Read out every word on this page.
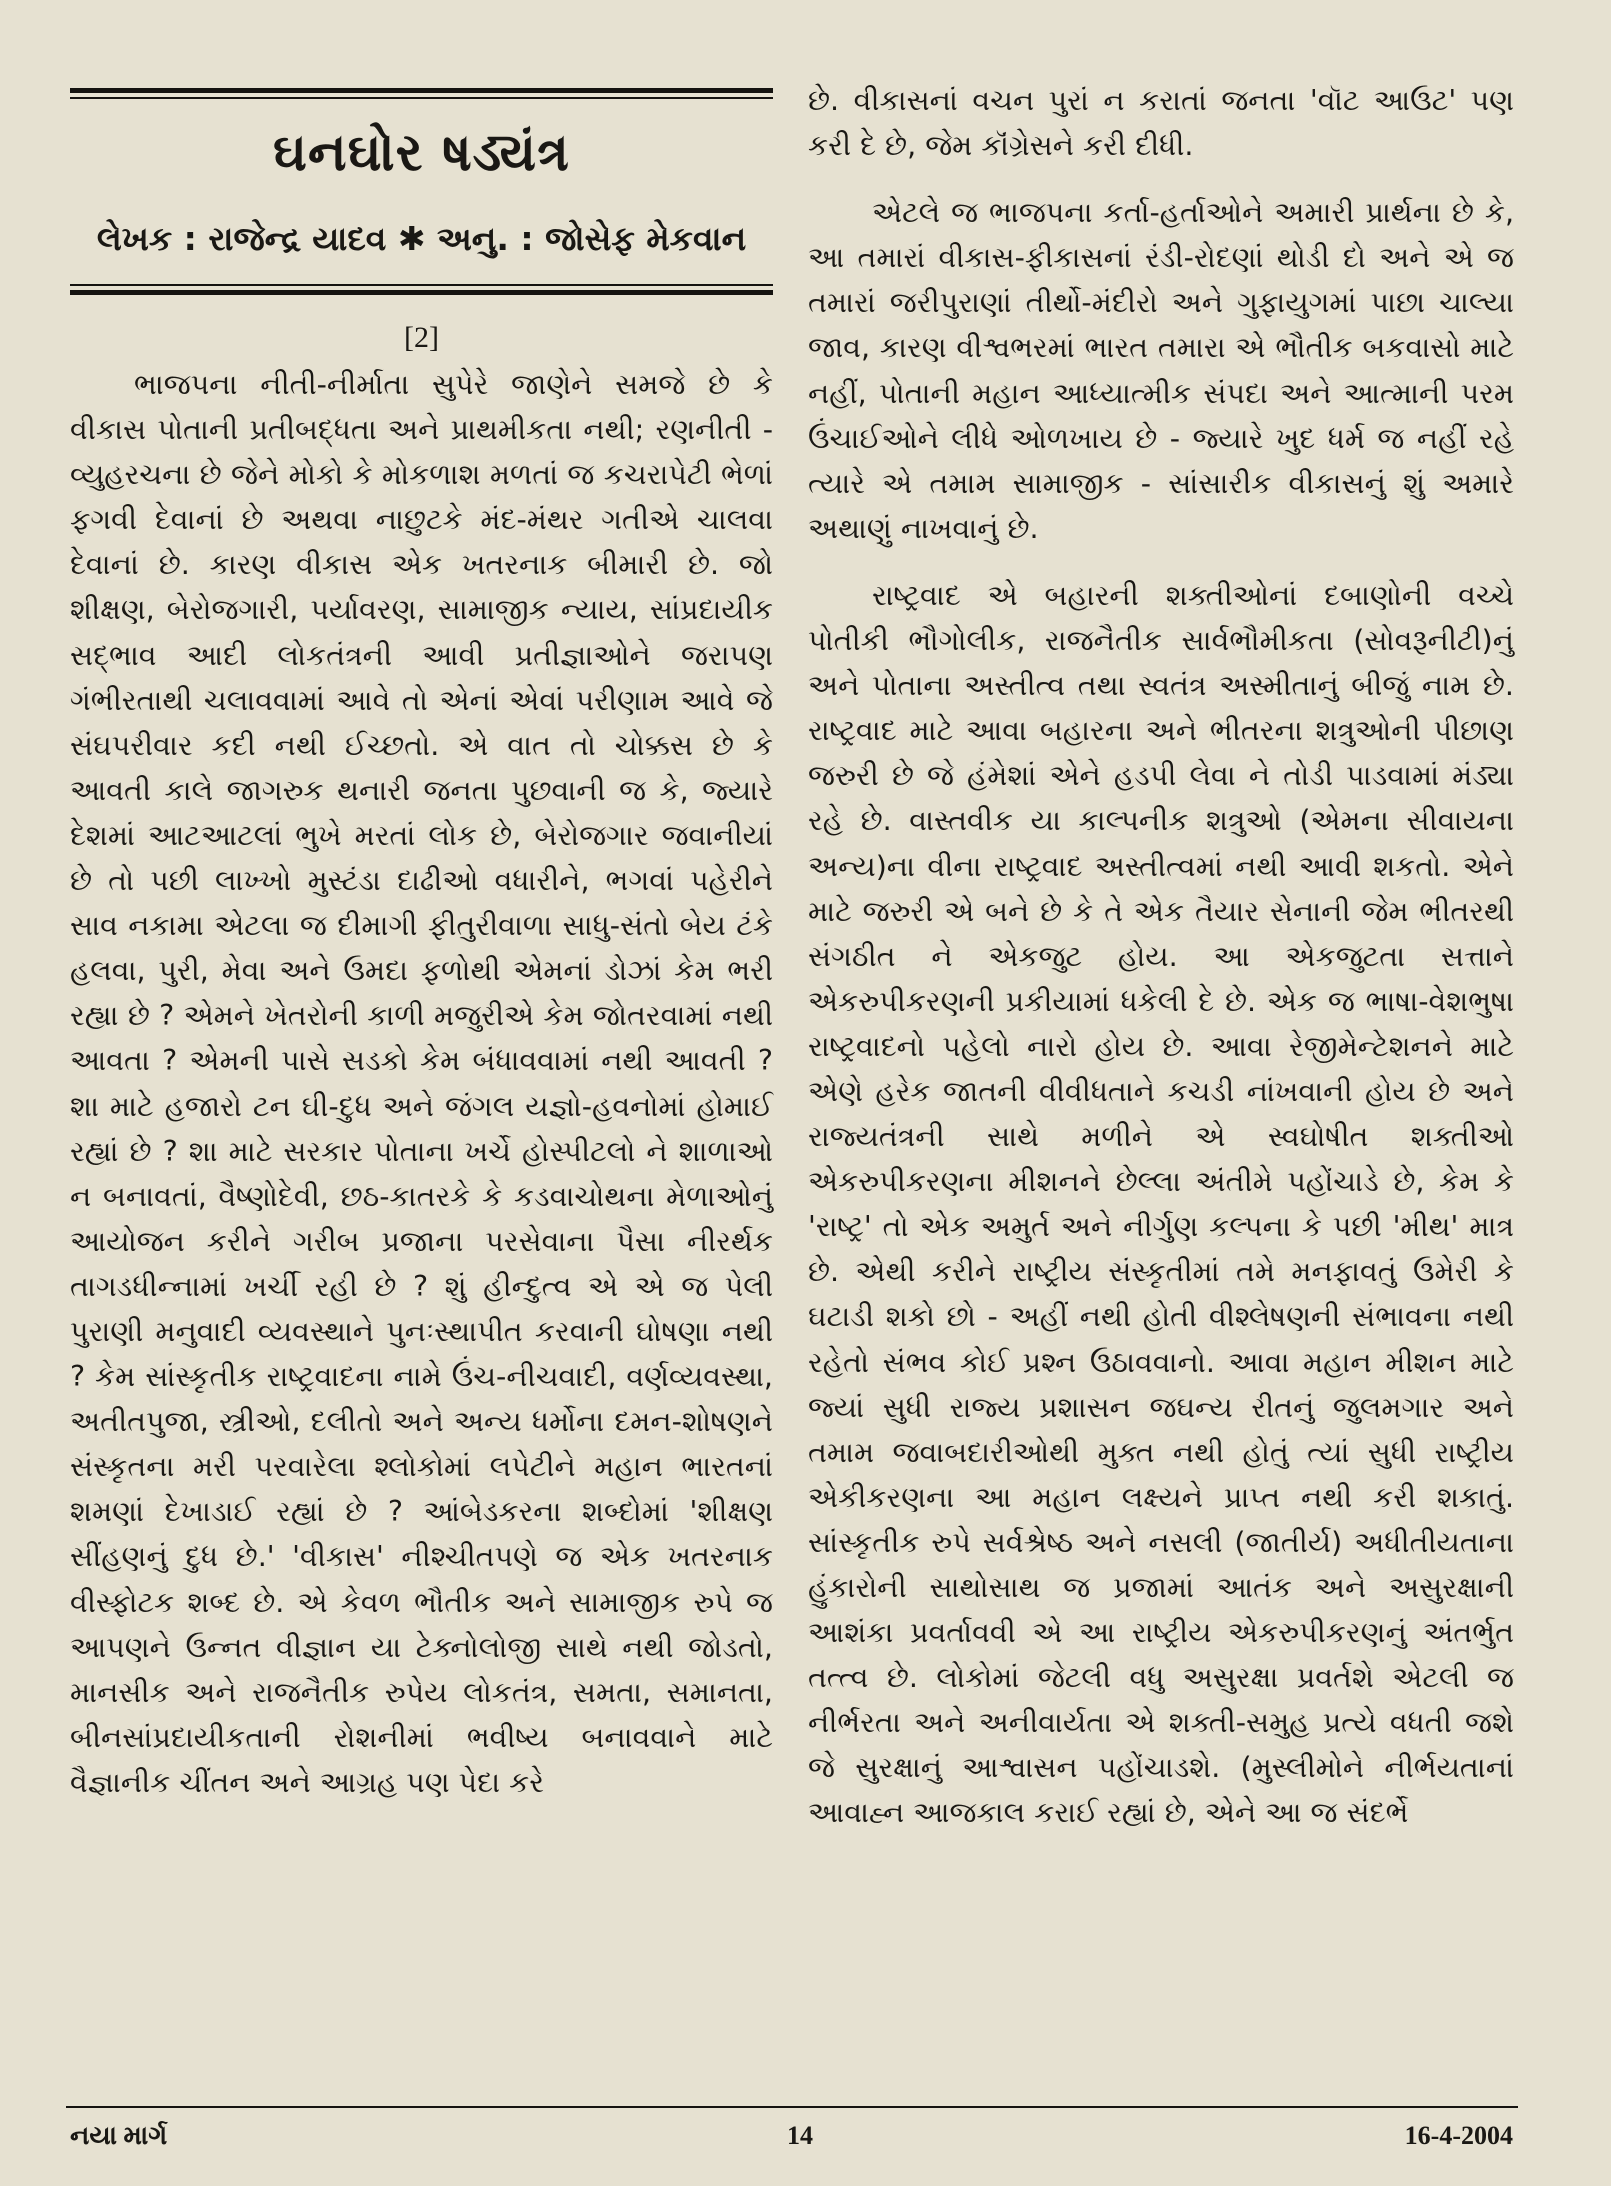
ઘનઘોર ષડ્યંત્ર
લેખક : રાજેન્દ્ર યાદવ ✱ અનુ. : જોસેફ મેકવાન
[2]

ભાજપના નીતી-નીર્માતા સુપેરે જાણેને સમજે છે કે વીકાસ પોતાની પ્રતીબદ્ધતા અને પ્રાથમીકતા નથી; રણનીતી - વ્યુહરચના છે જેને મોકો કે મોકળાશ મળતાં જ કચરાપેટી ભેળાં ફગવી દેવાનાં છે અથવા નાછુટકે મંદ-મંથર ગતીએ ચાલવા દેવાનાં છે. કારણ વીકાસ એક ખતરનાક બીમારી છે. જો શીક્ષણ, બેરોજગારી, પર્યાવરણ, સામાજીક ન્યાય, સાંપ્રદાયીક સદ્ભાવ આદી લોકતંત્રની આવી પ્રતીજ્ઞાઓને જરાપણ ગંભીરતાથી ચલાવવામાં આવે તો એનાં એવાં પરીણામ આવે જે સંઘપરીવાર કદી નથી ઈચ્છતો. એ વાત તો ચોક્કસ છે કે આવતી કાલે જાગરુક થનારી જનતા પુછવાની જ કે, જ્યારે દેશમાં આટઆટલાં ભુખે મરતાં લોક છે, બેરોજગાર જવાનીયાં છે તો પછી લાખ્ખો મુસ્ટંડા દાઢીઓ વધારીને, ભગવાં પહેરીને સાવ નકામા એટલા જ દીમાગી ફીતુરીવાળા સાધુ-સંતો બેય ટંકે હલવા, પુરી, મેવા અને ઉમદા ફળોથી એમનાં ડોઝાં કેમ ભરી રહ્યા છે ? એમને ખેતરોની કાળી મજુરીએ કેમ જોતરવામાં નથી આવતા ? એમની પાસે સડકો કેમ બંધાવવામાં નથી આવતી ? શા માટે હજારો ટન ઘી-દુધ અને જંગલ યજ્ઞો-હવનોમાં હોમાઈ રહ્યાં છે ? શા માટે સરકાર પોતાના ખર્ચે હોસ્પીટલો ને શાળાઓ ન બનાવતાં, વૈષ્ણોદેવી, છઠ-કાતરકે કે કડવાચોથના મેળાઓનું આયોજન કરીને ગરીબ પ્રજાના પરસેવાના પૈસા નીરર્થક તાગડધીન્નામાં ખર્ચી રહી છે ? શું હીન્દુત્વ એ એ જ પેલી પુરાણી મનુવાદી વ્યવસ્થાને પુનઃસ્થાપીત કરવાની ઘોષણા નથી ? કેમ સાંસ્કૃતીક રાષ્ટ્રવાદના નામે ઉંચ-નીચવાદી, વર્ણવ્યવસ્થા, અતીતપુજા, સ્ત્રીઓ, દલીતો અને અન્ય ધર્મોના દમન-શોષણને સંસ્કૃતના મરી પરવારેલા શ્લોકોમાં લપેટીને મહાન ભારતનાં શમણાં દેખાડાઈ રહ્યાં છે ? આંબેડકરના શબ્દોમાં 'શીક્ષણ સીંહણનું દુધ છે.' 'વીકાસ' નીશ્ચીતપણે જ એક ખતરનાક વીસ્ફોટક શબ્દ છે. એ કેવળ ભૌતીક અને સામાજીક રુપે જ આપણને ઉન્નત વીજ્ઞાન યા ટેક્નોલોજી સાથે નથી જોડતો, માનસીક અને રાજનૈતીક રુપેય લોકતંત્ર, સમતા, સમાનતા, બીનસાંપ્રદાયીકતાની રોશનીમાં ભવીષ્ય બનાવવાને માટે વૈજ્ઞાનીક ચીંતન અને આગ્રહ પણ પેદા કરે

છે. વીકાસનાં વચન પુરાં ન કરાતાં જનતા 'વૉટ આઉટ' પણ કરી દે છે, જેમ કૉંગ્રેસને કરી દીધી.

એટલે જ ભાજપના કર્તા-હર્તાઓને અમારી પ્રાર્થના છે કે, આ તમારાં વીકાસ-ફીકાસનાં રંડી-રોદણાં થોડી દો અને એ જ તમારાં જરીપુરાણાં તીર્થો-મંદીરો અને ગુફાયુગમાં પાછા ચાલ્યા જાવ, કારણ વીશ્વભરમાં ભારત તમારા એ ભૌતીક બકવાસો માટે નહીં, પોતાની મહાન આધ્યાત્મીક સંપદા અને આત્માની પરમ ઉંચાઈઓને લીધે ઓળખાય છે - જ્યારે ખુદ ધર્મ જ નહીં રહે ત્યારે એ તમામ સામાજીક - સાંસારીક વીકાસનું શું અમારે અથાણું નાખવાનું છે.

રાષ્ટ્રવાદ એ બહારની શક્તીઓનાં દબાણોની વચ્ચે પોતીકી ભૌગોલીક, રાજનૈતીક સાર્વભૌમીકતા (સોવરૂનીટી)નું અને પોતાના અસ્તીત્વ તથા સ્વતંત્ર અસ્મીતાનું બીજું નામ છે. રાષ્ટ્રવાદ માટે આવા બહારના અને ભીતરના શત્રુઓની પીછાણ જરુરી છે જે હંમેશાં એને હડપી લેવા ને તોડી પાડવામાં મંડ્યા રહે છે. વાસ્તવીક યા કાલ્પનીક શત્રુઓ (એમના સીવાયના અન્ય)ના વીના રાષ્ટ્રવાદ અસ્તીત્વમાં નથી આવી શકતો. એને માટે જરુરી એ બને છે કે તે એક તૈયાર સેનાની જેમ ભીતરથી સંગઠીત ને એકજુટ હોય. આ એકજુટતા સત્તાને એકરુપીકરણની પ્રકીયામાં ધકેલી દે છે. એક જ ભાષા-વેશભુષા રાષ્ટ્રવાદનો પહેલો નારો હોય છે. આવા રેજીમેન્ટેશનને માટે એણે હરેક જાતની વીવીધતાને કચડી નાંખવાની હોય છે અને રાજ્યતંત્રની સાથે મળીને એ સ્વઘોષીત શક્તીઓ એકરુપીકરણના મીશનને છેલ્લા અંતીમે પહોંચાડે છે, કેમ કે 'રાષ્ટ્ર' તો એક અમુર્ત અને નીર્ગુણ કલ્પના કે પછી 'મીથ' માત્ર છે. એથી કરીને રાષ્ટ્રીય સંસ્કૃતીમાં તમે મનફાવતું ઉમેરી કે ઘટાડી શકો છો - અહીં નથી હોતી વીશ્લેષણની સંભાવના નથી રહેતો સંભવ કોઈ પ્રશ્ન ઉઠાવવાનો. આવા મહાન મીશન માટે જ્યાં સુધી રાજ્ય પ્રશાસન જઘન્ય રીતનું જુલમગાર અને તમામ જવાબદારીઓથી મુક્ત નથી હોતું ત્યાં સુધી રાષ્ટ્રીય એકીકરણના આ મહાન લક્ષ્યને પ્રાપ્ત નથી કરી શકાતું. સાંસ્કૃતીક રુપે સર્વશ્રેષ્ઠ અને નસલી (જાતીર્ય) અધીતીયતાના હુંકારોની સાથોસાથ જ પ્રજામાં આતંક અને અસુરક્ષાની આશંકા પ્રવર્તાવવી એ આ રાષ્ટ્રીય એકરુપીકરણનું અંતર્ભુત તત્ત્વ છે. લોકોમાં જેટલી વધુ અસુરક્ષા પ્રવર્તશે એટલી જ નીર્ભરતા અને અનીવાર્યતા એ શક્તી-સમુહ પ્રત્યે વધતી જશે જે સુરક્ષાનું આશ્વાસન પહોંચાડશે. (મુસ્લીમોને નીર્ભયતાનાં આવાહ્ન આજકાલ કરાઈ રહ્યાં છે, એને આ જ સંદર્ભે

નયા માર્ગ	14	16-4-2004
